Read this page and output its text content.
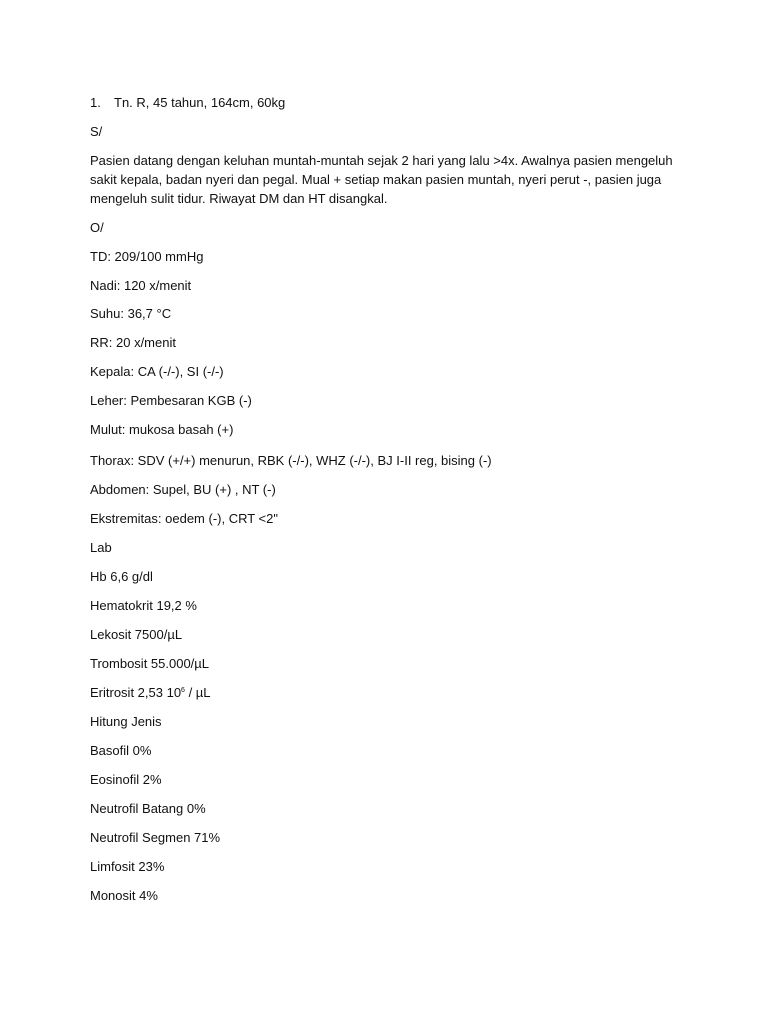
1. Tn. R, 45 tahun, 164cm, 60kg
S/
Pasien datang dengan keluhan muntah-muntah sejak 2 hari yang lalu >4x. Awalnya pasien mengeluh
sakit kepala, badan nyeri dan pegal. Mual + setiap makan pasien muntah, nyeri perut -, pasien juga
mengeluh sulit tidur. Riwayat DM dan HT disangkal.
O/
TD: 209/100 mmHg
Nadi: 120 x/menit
Suhu: 36,7 °C
RR: 20 x/menit
Kepala: CA (-/-), SI (-/-)
Leher: Pembesaran KGB (-)
Mulut: mukosa basah (+)
Thorax: SDV (+/+) menurun, RBK (-/-), WHZ (-/-), BJ I-II reg, bising (-)
Abdomen: Supel, BU (+) , NT (-)
Ekstremitas: oedem (-), CRT <2"
Lab
Hb 6,6 g/dl
Hematokrit 19,2 %
Lekosit 7500/µL
Trombosit 55.000/µL
Eritrosit 2,53 $10^6$ / µL
Hitung Jenis
Basofil 0%
Eosinofil 2%
Neutrofil Batang 0%
Neutrofil Segmen 71%
Limfosit 23%
Monosit 4%
